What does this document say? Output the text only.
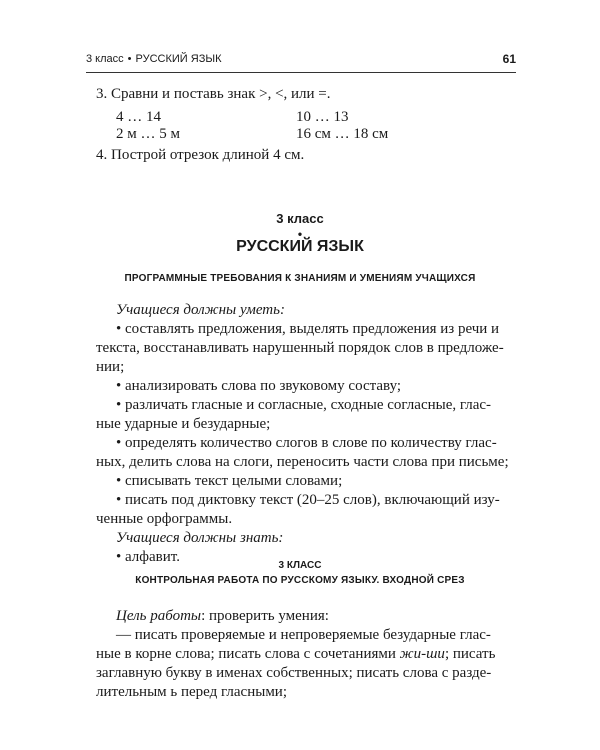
3 класс • РУССКИЙ ЯЗЫК	61
3. Сравни и поставь знак >, <, или =.
4 … 14	10 … 13
2 м … 5 м	16 см … 18 см
4. Построй отрезок длиной 4 см.
3 класс
•
РУССКИЙ ЯЗЫК
ПРОГРАММНЫЕ ТРЕБОВАНИЯ К ЗНАНИЯМ И УМЕНИЯМ УЧАЩИХСЯ

Учащиеся должны уметь:

• составлять предложения, выделять предложения из речи и

текста, восстанавливать нарушенный порядок слов в предложе-

нии;

• анализировать слова по звуковому составу;

• различать гласные и согласные, сходные согласные, глас-

ные ударные и безударные;

• определять количество слогов в слове по количеству глас-

ных, делить слова на слоги, переносить части слова при письме;

• списывать текст целыми словами;

• писать под диктовку текст (20–25 слов), включающий изу-

ченные орфограммы.

Учащиеся должны знать:

• алфавит.

3 КЛАСС
КОНТРОЛЬНАЯ РАБОТА ПО РУССКОМУ ЯЗЫКУ. ВХОДНОЙ СРЕЗ

Цель работы: проверить умения:

— писать проверяемые и непроверяемые безударные глас-

ные в корне слова; писать слова с сочетаниями жи-ши; писать

заглавную букву в именах собственных; писать слова с разде-

лительным ь перед гласными;
